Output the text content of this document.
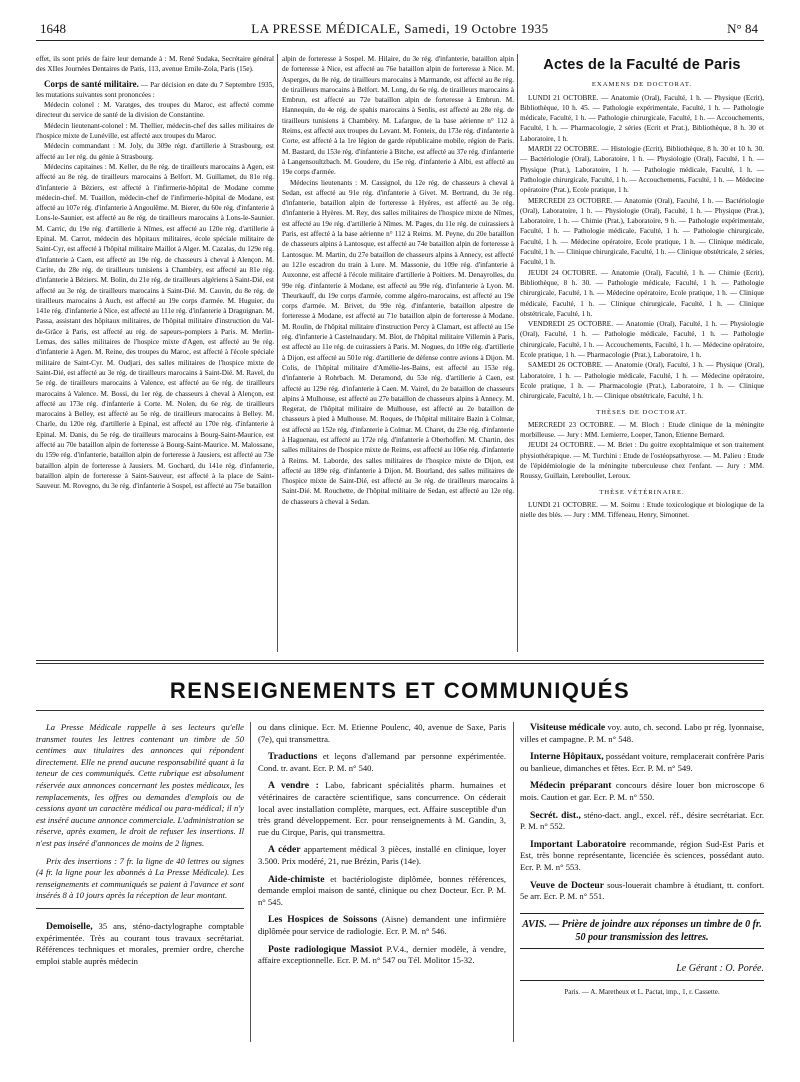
1648	LA PRESSE MÉDICALE, Samedi, 19 Octobre 1935	N° 84

effet, ils sont priés de faire leur demande à : M. René Sudaka, Secrétaire général des XIIes Journées Dentaires de Paris, 113, avenue Emile-Zola, Paris (15e).

Corps de santé militaire. — Par décision en date du 7 Septembre 1935, les mutations suivantes sont prononcées :

Médecin colonel : M. Varatges, des troupes du Maroc, est affecté comme directeur du service de santé de la division de Constantine.

Médecin lieutenant-colonel : M. Thellier, médecin-chef des salles militaires de l'hospice mixte de Lunéville, est affecté aux troupes du Maroc.

Médecin commandant : M. Joly, du 309e régt. d'artillerie à Strasbourg, est affecté au 1er rég. du génie à Strasbourg.

Médecins capitaines : M. Keller, du 8e rég. de tirailleurs marocains à Agen, est affecté au 8e rég. de tirailleurs marocains à Belfort. M. Guillamet, du 81e rég. d'infanterie à Béziers, est affecté à l'infirmerie-hôpital de Modane comme médecin-chef. M. Tuaillon, médecin-chef de l'infirmerie-hôpital de Modane, est affecté au 107e rég. d'infanterie à Angoulême. M. Bierer, du 60e rég. d'infanterie à Lons-le-Saunier, est affecté au 8e rég. de tirailleurs marocains à Lons-le-Saunier. M. Carric, du 19e rég. d'artillerie à Nîmes, est affecté au 120e rég. d'artillerie à Epinal. M. Carrot, médecin des hôpitaux militaires, école spéciale militaire de Saint-Cyr, est affecté à l'hôpital militaire Maillot à Alger. M. Cazalas, du 129e rég. d'infanterie à Caen, est affecté au 19e rég. de chasseurs à cheval à Alençon. M. Carite, du 28e rég. de tirailleurs tunisiens à Chambéry, est affecté au 81e rég. d'infanterie à Béziers. M. Bolin, du 21e rég. de tirailleurs algériens à Saint-Dié, est affecté au 3e rég. de tirailleurs marocains à Saint-Dié. M. Cauvin, du 8e rég. de tirailleurs marocains à Auch, est affecté au 19e corps d'armée. M. Huguier, du 141e rég. d'infanterie à Nice, est affecté au 111e rég. d'infanterie à Draguignan. M. Passa, assistant des hôpitaux militaires, de l'hôpital militaire d'instruction du Val-de-Grâce à Paris, est affecté au rég. de sapeurs-pompiers à Paris. M. Merlin-Lemas, des salles militaires de l'hospice mixte d'Agen, est affecté au 9e rég. d'infanterie à Agen. M. Reine, des troupes du Maroc, est affecté à l'école spéciale militaire de Saint-Cyr. M. Oudjari, des salles militaires de l'hospice mixte de Saint-Dié, est affecté au 3e rég. de tirailleurs marocains à Saint-Dié. M. Ravel, du 5e rég. de tirailleurs marocains à Valence, est affecté au 6e rég. de tirailleurs marocains à Valence. M. Bossi, du 1er rég. de chasseurs à cheval à Alençon, est affecté au 173e rég. d'infanterie à Corte. M. Nolen, du 6e rég. de tirailleurs marocains à Belley, est affecté au 5e rég. de tirailleurs marocains à Belley. M. Charle, du 120e rég. d'artillerie à Epinal, est affecté au 170e rég. d'infanterie à Epinal. M. Danis, du 5e rég. de tirailleurs marocains à Bourg-Saint-Maurice, est affecté au 70e bataillon alpin de forteresse à Bourg-Saint-Maurice. M. Malossane, du 159e rég. d'infanterie, bataillon alpin de forteresse à Jausiers, est affecté au 73e bataillon alpin de forteresse à Jausiers. M. Gochard, du 141e rég. d'infanterie, bataillon alpin de forteresse à Saint-Sauveur, est affecté à la place de Saint-Sauveur. M. Rovegno, du 3e rég. d'infanterie à Sospel, est affecté au 75e bataillon

alpin de forteresse à Sospel. M. Hilaire, du 3e rég. d'infanterie, bataillon alpin de forteresse à Nice, est affecté au 76e bataillon alpin de forteresse à Nice. M. Asperges, du 8e rég. de tirailleurs marocains à Marmande, est affecté au 8e rég. de tirailleurs marocains à Belfort. M. Long, du 6e rég. de tirailleurs marocains à Embrun, est affecté au 72e bataillon alpin de forteresse à Embrun. M. Hannequin, du 4e rég. de spahis marocains à Senlis, est affecté au 28e rég. de tirailleurs tunisiens à Chambéry. M. Lafargue, de la base aérienne n° 112 à Reims, est affecté aux troupes du Levant. M. Fonteix, du 173e rég. d'infanterie à Corte, est affecté à la 1re légion de garde républicaine mobile, région de Paris. M. Bastard, du 153e rég. d'infanterie à Bitche, est affecté au 37e rég. d'infanterie à Langensoultzbach. M. Goudere, du 15e rég. d'infanterie à Albi, est affecté au 19e corps d'armée.

Médecins lieutenants : M. Cassignol, du 12e rég. de chasseurs à cheval à Sedan, est affecté au 91e rég. d'infanterie à Givet. M. Bertrand, du 3e rég. d'infanterie, bataillon alpin de forteresse à Hyères, est affecté au 3e rég. d'infanterie à Hyères. M. Rey, des salles militaires de l'hospice mixte de Nîmes, est affecté au 19e rég. d'artillerie à Nîmes. M. Pages, du 11e rég. de cuirassiers à Paris, est affecté à la base aérienne n° 112 à Reims. M. Peyne, du 20e bataillon de chasseurs alpins à Lantosque, est affecté au 74e bataillon alpin de forteresse à Lantosque. M. Martin, du 27e bataillon de chasseurs alpins à Annecy, est affecté au 121e escadron du train à Lure. M. Massonie, du 109e rég. d'infanterie à Auxonne, est affecté à l'école militaire d'artillerie à Poitiers. M. Denayrolles, du 99e rég. d'infanterie à Modane, est affecté au 99e rég. d'infanterie à Lyon. M. Theurkauff, du 19e corps d'armée, comme algéro-marocains, est affecté au 19e corps d'armée. M. Brivet, du 99e rég. d'infanterie, bataillon alpestre de forteresse à Modane, est affecté au 71e bataillon alpin de forteresse à Modane. M. Roulin, de l'hôpital militaire d'instruction Percy à Clamart, est affecté au 15e rég. d'infanterie à Castelnaudary. M. Blot, de l'hôpital militaire Villemin à Paris, est affecté au 11e rég. de cuirassiers à Paris. M. Nogues, du 109e rég. d'artillerie à Dijon, est affecté au 501e rég. d'artillerie de défense contre avions à Dijon. M. Colis, de l'hôpital militaire d'Amélie-les-Bains, est affecté au 153e rég. d'infanterie à Rohrbach. M. Deramond, du 53e rég. d'artillerie à Caen, est affecté au 129e rég. d'infanterie à Caen. M. Vairel, du 2e bataillon de chasseurs alpins à Mulhouse, est affecté au 27e bataillon de chasseurs alpins à Annecy. M. Regerat, de l'hôpital militaire de Mulhouse, est affecté au 2e bataillon de chasseurs à pied à Mulhouse. M. Roques, de l'hôpital militaire Bazin à Colmar, est affecté au 152e rég. d'infanterie à Colmar. M. Charet, du 23e rég. d'infanterie à Haguenau, est affecté au 172e rég. d'infanterie à Oberhoffen. M. Chartin, des salles militaires de l'hospice mixte de Reims, est affecté au 106e rég. d'infanterie à Reims. M. Laborde, des salles militaires de l'hospice mixte de Dijon, est affecté au 189e rég. d'infanterie à Dijon. M. Bourland, des salles militaires de l'hospice mixte de Saint-Dié, est affecté au 3e rég. de tirailleurs marocains à Saint-Dié. M. Rouchette, de l'hôpital militaire de Sedan, est affecté au 12e rég. de chasseurs à cheval à Sedan.

Actes de la Faculté de Paris

EXAMENS DE DOCTORAT.

LUNDI 21 OCTOBRE. — Anatomie (Oral), Faculté, 1 h. — Physique (Ecrit), Bibliothèque, 10 h. 45. — Pathologie expérimentale, Faculté, 1 h. — Pathologie médicale, Faculté, 1 h. — Pathologie chirurgicale, Faculté, 1 h. — Accouchements, Faculté, 1 h. — Pharmacologie, 2 séries (Ecrit et Prat.), Bibliothèque, 8 h. 30 et Laboratoire, 1 h.

MARDI 22 OCTOBRE. — Histologie (Ecrit), Bibliothèque, 8 h. 30 et 10 h. 30. — Bactériologie (Oral), Laboratoire, 1 h. — Physiologie (Oral), Faculté, 1 h. — Physique (Prat.), Laboratoire, 1 h. — Pathologie médicale, Faculté, 1 h. — Pathologie chirurgicale, Faculté, 1 h. — Accouchements, Faculté, 1 h. — Médecine opératoire (Prat.), Ecole pratique, 1 h.

MERCREDI 23 OCTOBRE. — Anatomie (Oral), Faculté, 1 h. — Bactériologie (Oral), Laboratoire, 1 h. — Physiologie (Oral), Faculté, 1 h. — Physique (Prat.), Laboratoire, 1 h. — Chimie (Prat.), Laboratoire, 9 h. — Pathologie expérimentale, Faculté, 1 h. — Pathologie médicale, Faculté, 1 h. — Pathologie chirurgicale, Faculté, 1 h. — Médecine opératoire, Ecole pratique, 1 h. — Clinique médicale, Faculté, 1 h. — Clinique chirurgicale, Faculté, 1 h. — Clinique obstétricale, 2 séries, Faculté, 1 h.

JEUDI 24 OCTOBRE. — Anatomie (Oral), Faculté, 1 h. — Chimie (Ecrit), Bibliothèque, 8 h. 30. — Pathologie médicale, Faculté, 1 h. — Pathologie chirurgicale, Faculté, 1 h. — Médecine opératoire, Ecole pratique, 1 h. — Clinique médicale, Faculté, 1 h. — Clinique chirurgicale, Faculté, 1 h. — Clinique obstétricale, Faculté, 1 h.

VENDREDI 25 OCTOBRE. — Anatomie (Oral), Faculté, 1 h. — Physiologie (Oral), Faculté, 1 h. — Pathologie médicale, Faculté, 1 h. — Pathologie chirurgicale, Faculté, 1 h. — Accouchements, Faculté, 1 h. — Médecine opératoire, Ecole pratique, 1 h. — Pharmacologie (Prat.), Laboratoire, 1 h.

SAMEDI 26 OCTOBRE. — Anatomie (Oral), Faculté, 1 h. — Physique (Oral), Laboratoire, 1 h. — Pathologie médicale, Faculté, 1 h. — Médecine opératoire, Ecole pratique, 1 h. — Pharmacologie (Prat.), Laboratoire, 1 h. — Clinique chirurgicale, Faculté, 1 h. — Clinique obstétricale, Faculté, 1 h.

THÈSES DE DOCTORAT.

MERCREDI 23 OCTOBRE. — M. Bloch : Etude clinique de la méningite morbilleuse. — Jury : MM. Lemierre, Loeper, Tanon, Etienne Bernard.

JEUDI 24 OCTOBRE. — M. Briet : Du goitre exophtalmique et son traitement physiothérapique. — M. Turchini : Etude de l'ostéopsathyrose. — M. Palieu : Etude de l'épidémiologie de la méningite tuberculeuse chez l'enfant. — Jury : MM. Roussy, Guillain, Lereboullet, Leroux.

THÈSE VÉTÉRINAIRE.

LUNDI 21 OCTOBRE. — M. Soimu : Etude toxicologique et biologique de la nielle des blés. — Jury : MM. Tiffeneau, Henry, Simonnet.

RENSEIGNEMENTS ET COMMUNIQUÉS

La Presse Médicale rappelle à ses lecteurs qu'elle transmet toutes les lettres contenant un timbre de 50 centimes aux titulaires des annonces qui répondent directement. Elle ne prend aucune responsabilité quant à la teneur de ces communiqués. Cette rubrique est absolument réservée aux annonces concernant les postes médicaux, les remplacements, les offres ou demandes d'emplois ou de cessions ayant un caractère médical ou para-médical; il n'y est inséré aucune annonce commerciale. L'administration se réserve, après examen, le droit de refuser les insertions. Il n'est pas inséré d'annonces de moins de 2 lignes.

Prix des insertions : 7 fr. la ligne de 40 lettres ou signes (4 fr. la ligne pour les abonnés à La Presse Médicale). Les renseignements et communiqués se paient à l'avance et sont insérés 8 à 10 jours après la réception de leur montant.

Demoiselle, 35 ans, sténo-dactylographe comptable expérimentée. Très au courant tous travaux secrétariat. Références techniques et morales, premier ordre, cherche emploi stable auprès médecin

ou dans clinique. Ecr. M. Etienne Poulenc, 40, avenue de Saxe, Paris (7e), qui transmettra.

Traductions et leçons d'allemand par personne expérimentée. Cond. tr. avant. Ecr. P. M. n° 540.

A vendre : Labo, fabricant spécialités pharm. humaines et vétérinaires de caractère scientifique, sans concurrence. On céderait local avec installation complète, marques, ect. Affaire susceptible d'un très grand développement. Ecr. pour renseignements à M. Gandin, 3, rue du Cirque, Paris, qui transmettra.

A céder appartement médical 3 pièces, installé en clinique, loyer 3.500. Prix modéré, 21, rue Brézin, Paris (14e).

Aide-chimiste et bactériologiste diplômée, bonnes références, demande emploi maison de santé, clinique ou chez Docteur. Ecr. P. M. n° 545.

Les Hospices de Soissons (Aisne) demandent une infirmière diplômée pour service de radiologie. Ecr. P. M. n° 546.

Poste radiologique Massiot P.V.4., dernier modèle, à vendre, affaire exceptionnelle. Ecr. P. M. n° 547 ou Tél. Molitor 15-32.

Visiteuse médicale voy. auto, ch. second. Labo pr rég. lyonnaise, villes et campagne. P. M. n° 548.

Interne Hôpitaux, possédant voiture, remplacerait confrère Paris ou banlieue, dimanches et fêtes. Ecr. P. M. n° 549.

Médecin préparant concours désire louer bon microscope 6 mois. Caution et gar. Ecr. P. M. n° 550.

Secrét. dist., sténo-dact. angl., excel. réf., désire secrétariat. Ecr. P. M. n° 552.

Important Laboratoire recommande, région Sud-Est Paris et Est, très bonne représentante, licenciée ès sciences, possédant auto. Ecr. P. M. n° 553.

Veuve de Docteur sous-louerait chambre à étudiant, tt. confort. 5e arr. Ecr. P. M. n° 551.

AVIS. — Prière de joindre aux réponses un timbre de 0 fr. 50 pour transmission des lettres.
Le Gérant : O. Porée.
Paris. — A. Maretheux et L. Pactat, imp., 1, r. Cassette.
